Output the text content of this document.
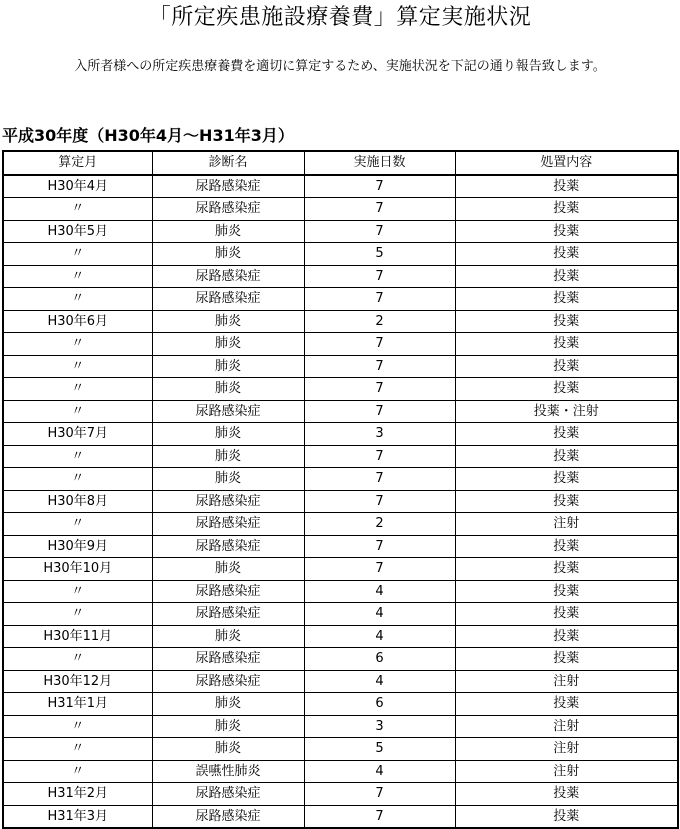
「所定疾患施設療養費」算定実施状況
入所者様への所定疾患療養費を適切に算定するため、実施状況を下記の通り報告致します。
平成30年度（H30年4月～H31年3月）
算定月	診断名	実施日数	処置内容
H30年4月	尿路感染症	7	投薬
〃	尿路感染症	7	投薬
H30年5月	肺炎	7	投薬
〃	肺炎	5	投薬
〃	尿路感染症	7	投薬
〃	尿路感染症	7	投薬
H30年6月	肺炎	2	投薬
〃	肺炎	7	投薬
〃	肺炎	7	投薬
〃	肺炎	7	投薬
〃	尿路感染症	7	投薬・注射
H30年7月	肺炎	3	投薬
〃	肺炎	7	投薬
〃	肺炎	7	投薬
H30年8月	尿路感染症	7	投薬
〃	尿路感染症	2	注射
H30年9月	尿路感染症	7	投薬
H30年10月	肺炎	7	投薬
〃	尿路感染症	4	投薬
〃	尿路感染症	4	投薬
H30年11月	肺炎	4	投薬
〃	尿路感染症	6	投薬
H30年12月	尿路感染症	4	注射
H31年1月	肺炎	6	投薬
〃	肺炎	3	注射
〃	肺炎	5	注射
〃	誤嚥性肺炎	4	注射
H31年2月	尿路感染症	7	投薬
H31年3月	尿路感染症	7	投薬
